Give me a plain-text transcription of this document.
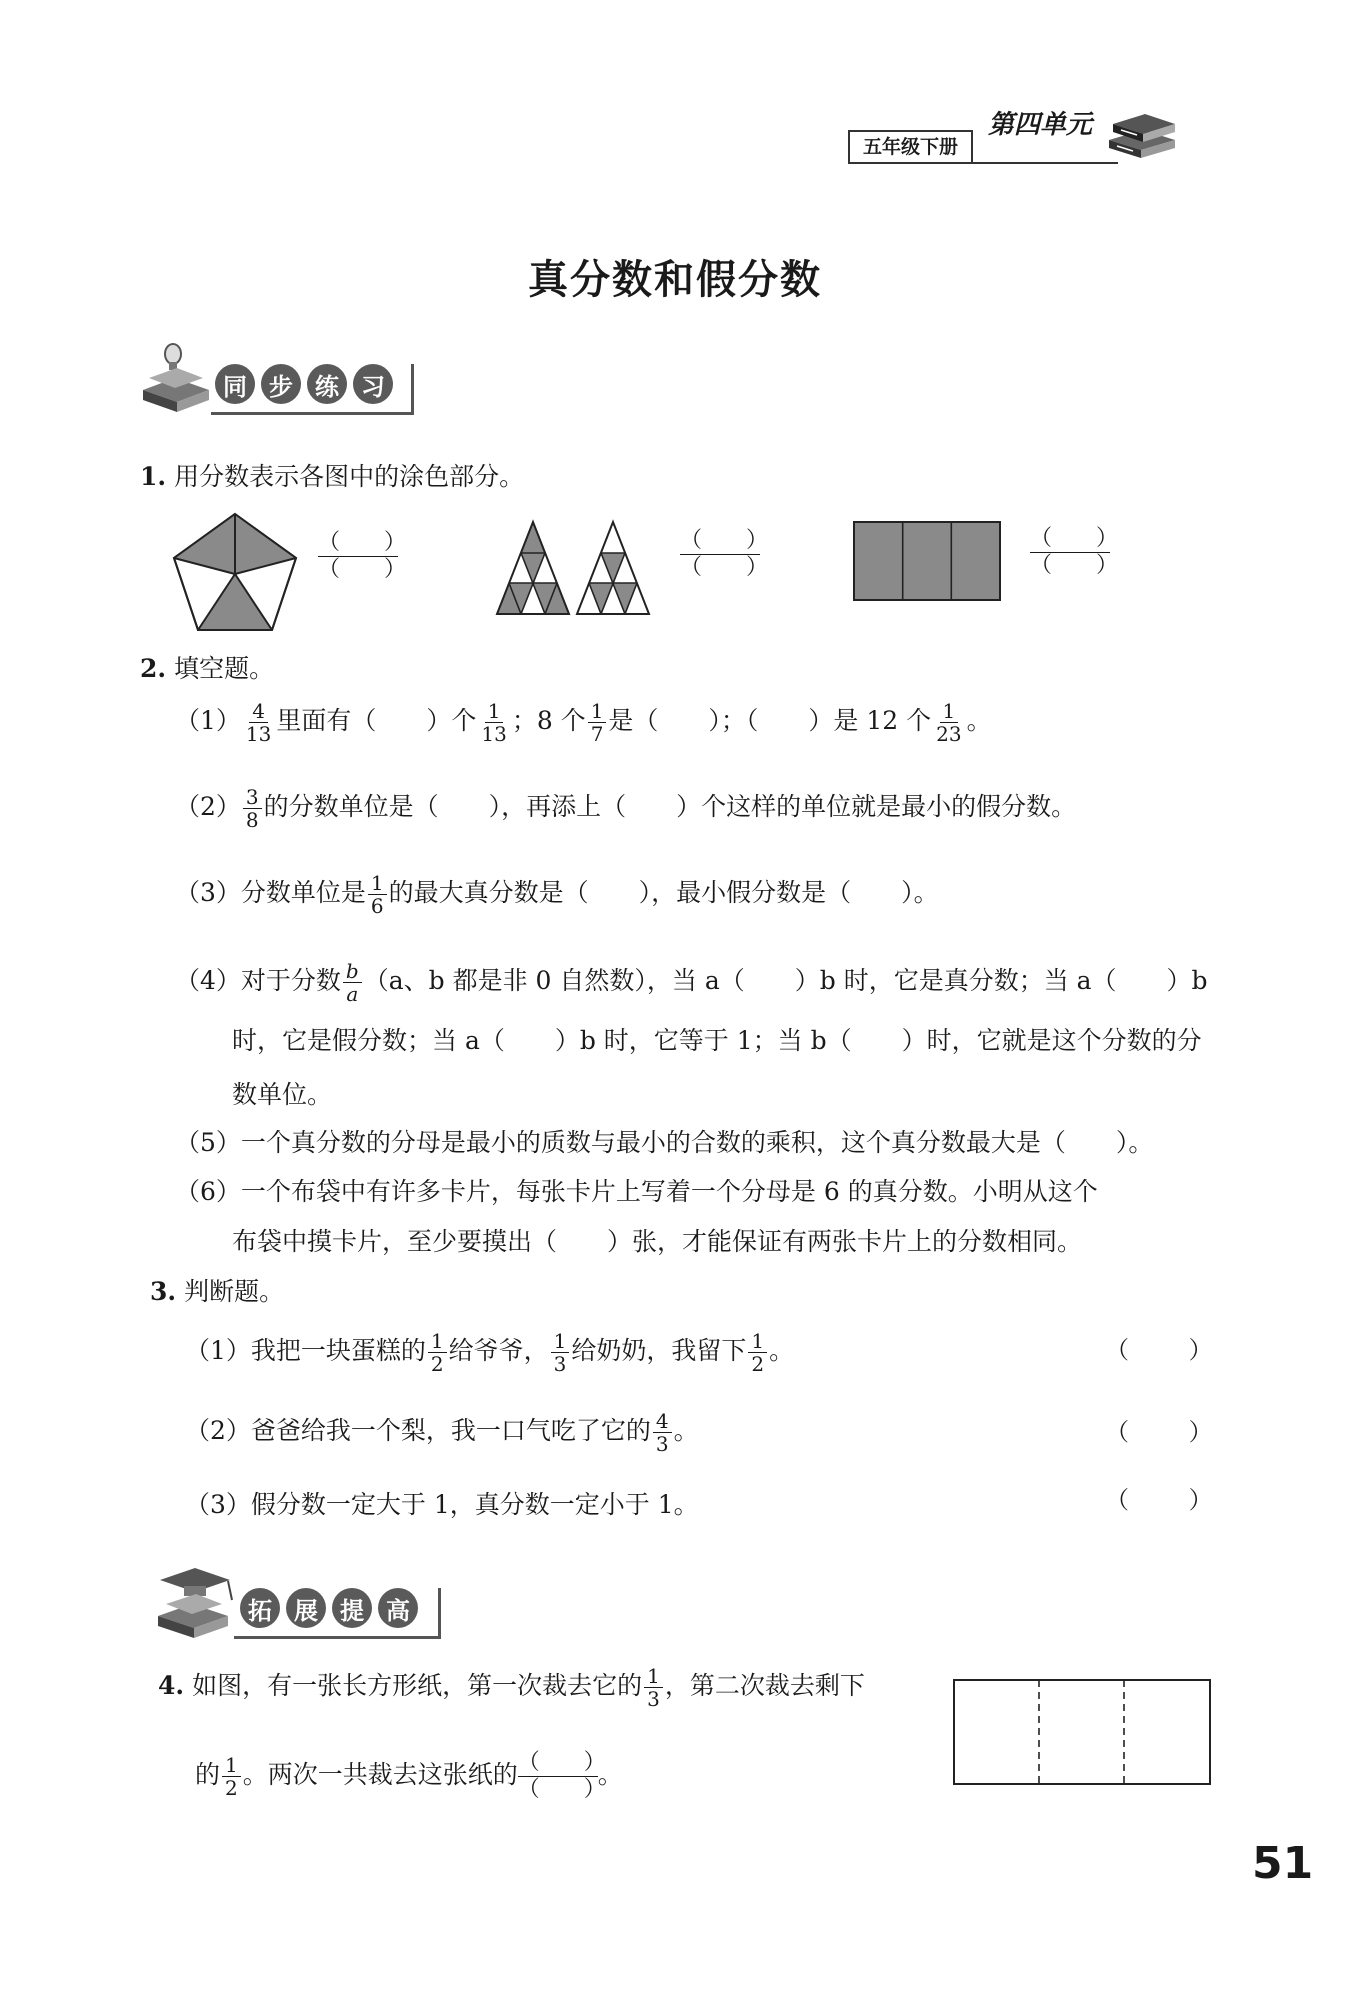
五年级下册
第四单元
真分数和假分数
同 步 练 习
1. 用分数表示各图中的涂色部分。
（　　）
（　　）
（　　）
（　　）
（　　）
（　　）
2. 填空题。
$(1) \frac{4}{13}$ 里面有（　　）个 $\frac{1}{13}$ ；8 个 $\frac{1}{7}$ 是（　　）；（　　）是 12 个 $\frac{1}{23}$ 。
$(2) \frac{3}{8}$ 的分数单位是（　　），再添上（　　）个这样的单位就是最小的假分数。
（3）分数单位是 $\frac{1}{6}$ 的最大真分数是（　　），最小假分数是（　　）。
（4）对于分数 $\frac{b}{a} (a$、b 都是非 0 自然数），当 a（　　）b 时，它是真分数；当 a（　　）b
时，它是假分数；当 a（　　）b 时，它等于 1；当 b（　　）时，它就是这个分数的分
数单位。
（5）一个真分数的分母是最小的质数与最小的合数的乘积，这个真分数最大是（　　）。
（6）一个布袋中有许多卡片，每张卡片上写着一个分母是 6 的真分数。小明从这个
布袋中摸卡片，至少要摸出（　　）张，才能保证有两张卡片上的分数相同。
3. 判断题。
（1）我把一块蛋糕的 $\frac{1}{2}$ 给爷爷， $\frac{1}{3}$ 给奶奶，我留下 $\frac{1}{2}$ 。	（ ）
（2）爸爸给我一个梨，我一口气吃了它的 $\frac{4}{3}$ 。	（ ）
（3）假分数一定大于 1，真分数一定小于 1。	（ ）
拓 展 提 高
4. 如图，有一张长方形纸，第一次裁去它的 $\frac{1}{3}$ ，第二次裁去剩下
的 $\frac{1}{2}$ 。两次一共裁去这张纸的 （　　）
（　　）
。
51
